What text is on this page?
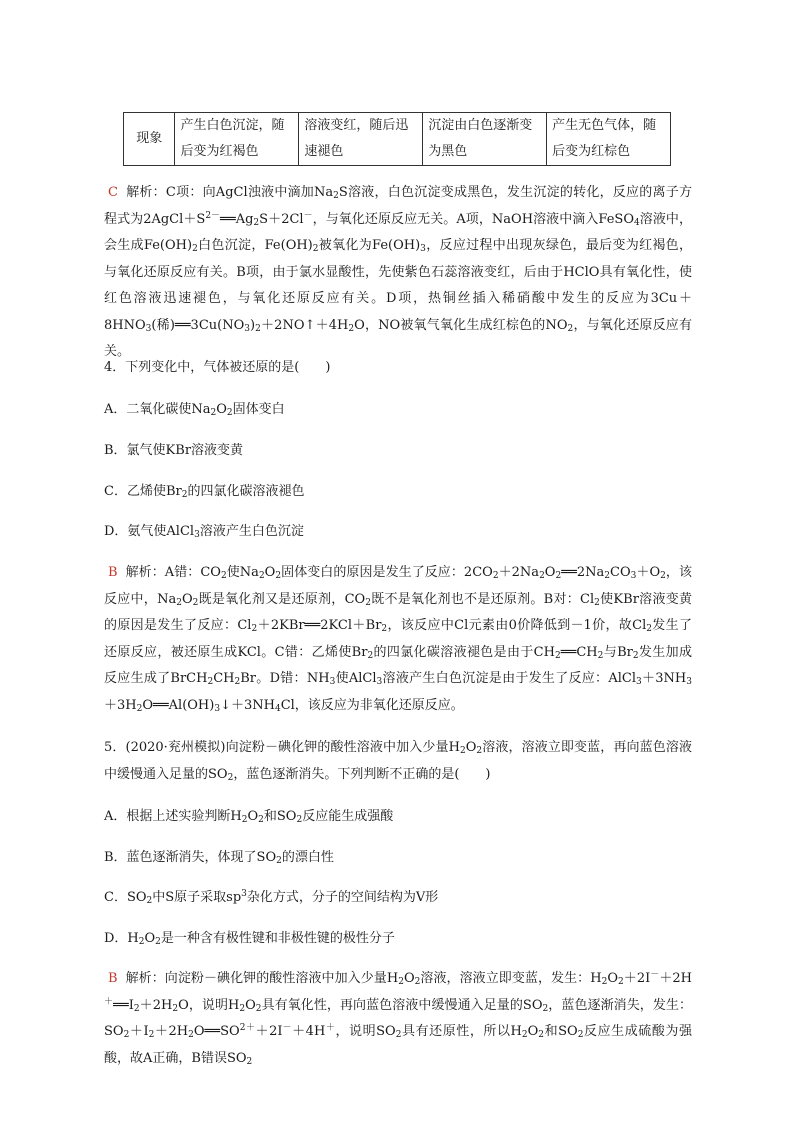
现象	产生白色沉淀，随后变为红褐色	溶液变红，随后迅速褪色	沉淀由白色逐渐变为黑色	产生无色气体，随后变为红棕色
C 解析：C项：向AgCl浊液中滴加$Na_2S$溶液，白色沉淀变成黑色，发生沉淀的转化，反应的离子方程式为$2AgCl+S^{2-}══Ag_2S+2Cl^-$，与氧化还原反应无关。A项，NaOH溶液中滴入FeSO$_4$溶液中，会生成$Fe(OH)_2$白色沉淀，$Fe(OH)_2$被氧化为$Fe(OH)_3$，反应过程中出现灰绿色，最后变为红褐色，与氧化还原反应有关。B项，由于氯水显酸性，先使紫色石蕊溶液变红，后由于HClO具有氧化性，使红色溶液迅速褪色，与氧化还原反应有关。D项，热铜丝插入稀硝酸中发生的反应为$3Cu+8HNO_3$(稀)$══3Cu(NO_3)_2+2NO↑+4H_2O$，NO被氧气氧化生成红棕色的$NO_2$，与氧化还原反应有关。
4．下列变化中，气体被还原的是(　　)
A．二氧化碳使$Na_2O_2$固体变白
B．氯气使KBr溶液变黄
C．乙烯使$Br_2$的四氯化碳溶液褪色
D．氨气使AlCl$_3$溶液产生白色沉淀
B 解析：A错：$CO_2$使$Na_2O_2$固体变白的原因是发生了反应：$2CO_2+2Na_2O_2══2Na_2CO_3+O_2$，该反应中，$Na_2O_2$既是氧化剂又是还原剂，$CO_2$既不是氧化剂也不是还原剂。B对：$Cl_2$使KBr溶液变黄的原因是发生了反应：$Cl_2+2KBr══2KCl+Br_2$，该反应中Cl元素由0价降低到－1价，故$Cl_2$发生了还原反应，被还原生成KCl。C错：乙烯使$Br_2$的四氯化碳溶液褪色是由于$CH_2══CH_2$与$Br_2$发生加成反应生成了$BrCH_2CH_2Br$。D错：$NH_3$使AlCl$_3$溶液产生白色沉淀是由于发生了反应：$AlCl_3+3NH_3+3H_2O══Al(OH)_3↓+3NH_4Cl$，该反应为非氧化还原反应。
5．(2020·兖州模拟)向淀粉－碘化钾的酸性溶液中加入少量$H_2O_2$溶液，溶液立即变蓝，再向蓝色溶液中缓慢通入足量的$SO_2$，蓝色逐渐消失。下列判断不正确的是(　　)
A．根据上述实验判断$H_2O_2$和$SO_2$反应能生成强酸
B．蓝色逐渐消失，体现了$SO_2$的漂白性
C．$SO_2$中S原子采取$sp^3$杂化方式，分子的空间结构为V形
D．$H_2O_2$是一种含有极性键和非极性键的极性分子
B 解析：向淀粉－碘化钾的酸性溶液中加入少量$H_2O_2$溶液，溶液立即变蓝，发生：$H_2O_2+2I^-+2H^+══I_2+2H_2O$，说明$H_2O_2$具有氧化性，再向蓝色溶液中缓慢通入足量的$SO_2$，蓝色逐渐消失，发生：$SO_2+I_2+2H_2O══SO^{2+}+2I^-+4H^+$，说明$SO_2$具有还原性，所以$H_2O_2$和$SO_2$反应生成硫酸为强酸，故A正确，B错误$SO_2$
